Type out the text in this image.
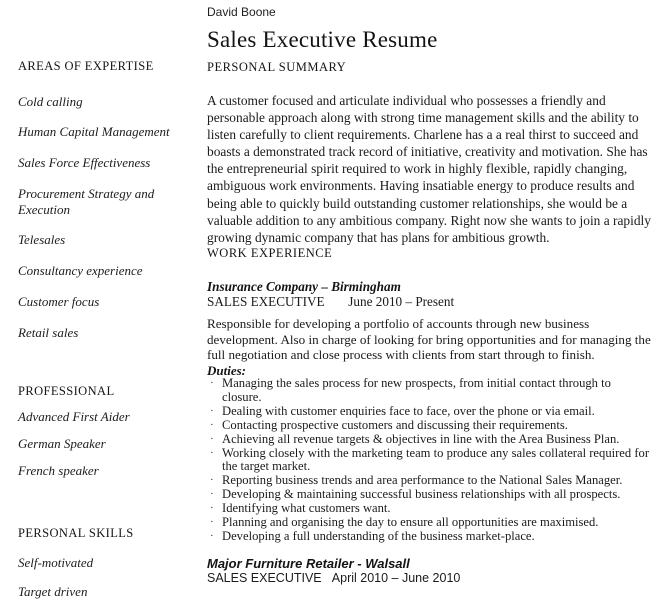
AREAS OF EXPERTISE
Cold calling
Human Capital Management
Sales Force Effectiveness
Procurement Strategy and Execution
Telesales
Consultancy experience
Customer focus
Retail sales
PROFESSIONAL
Advanced First Aider
German Speaker
French speaker
PERSONAL SKILLS
Self-motivated
Target driven
David Boone
Sales Executive Resume
PERSONAL SUMMARY

A customer focused and articulate individual who possesses a friendly and personable approach along with strong time management skills and the ability to listen carefully to client requirements. Charlene has a a real thirst to succeed and boasts a demonstrated track record of initiative, creativity and motivation. She has the entrepreneurial spirit required to work in highly flexible, rapidly changing, ambiguous work environments. Having insatiable energy to produce results and being able to quickly build outstanding customer relationships, she would be a valuable addition to any ambitious company. Right now she wants to join a rapidly growing dynamic company that has plans for ambitious growth.

WORK EXPERIENCE
Insurance Company – Birmingham
SALES EXECUTIVE June 2010 – Present

Responsible for developing a portfolio of accounts through new business development. Also in charge of looking for bring opportunities and for managing the full negotiation and close process with clients from start through to finish.

Duties:
· Managing the sales process for new prospects, from initial contact through to closure.
· Dealing with customer enquiries face to face, over the phone or via email.
· Contacting prospective customers and discussing their requirements.
· Achieving all revenue targets & objectives in line with the Area Business Plan.
· Working closely with the marketing team to produce any sales collateral required for the target market.
· Reporting business trends and area performance to the National Sales Manager.
· Developing & maintaining successful business relationships with all prospects.
· Identifying what customers want.
· Planning and organising the day to ensure all opportunities are maximised.
· Developing a full understanding of the business market-place.
Major Furniture Retailer - Walsall
SALES EXECUTIVE April 2010 – June 2010
